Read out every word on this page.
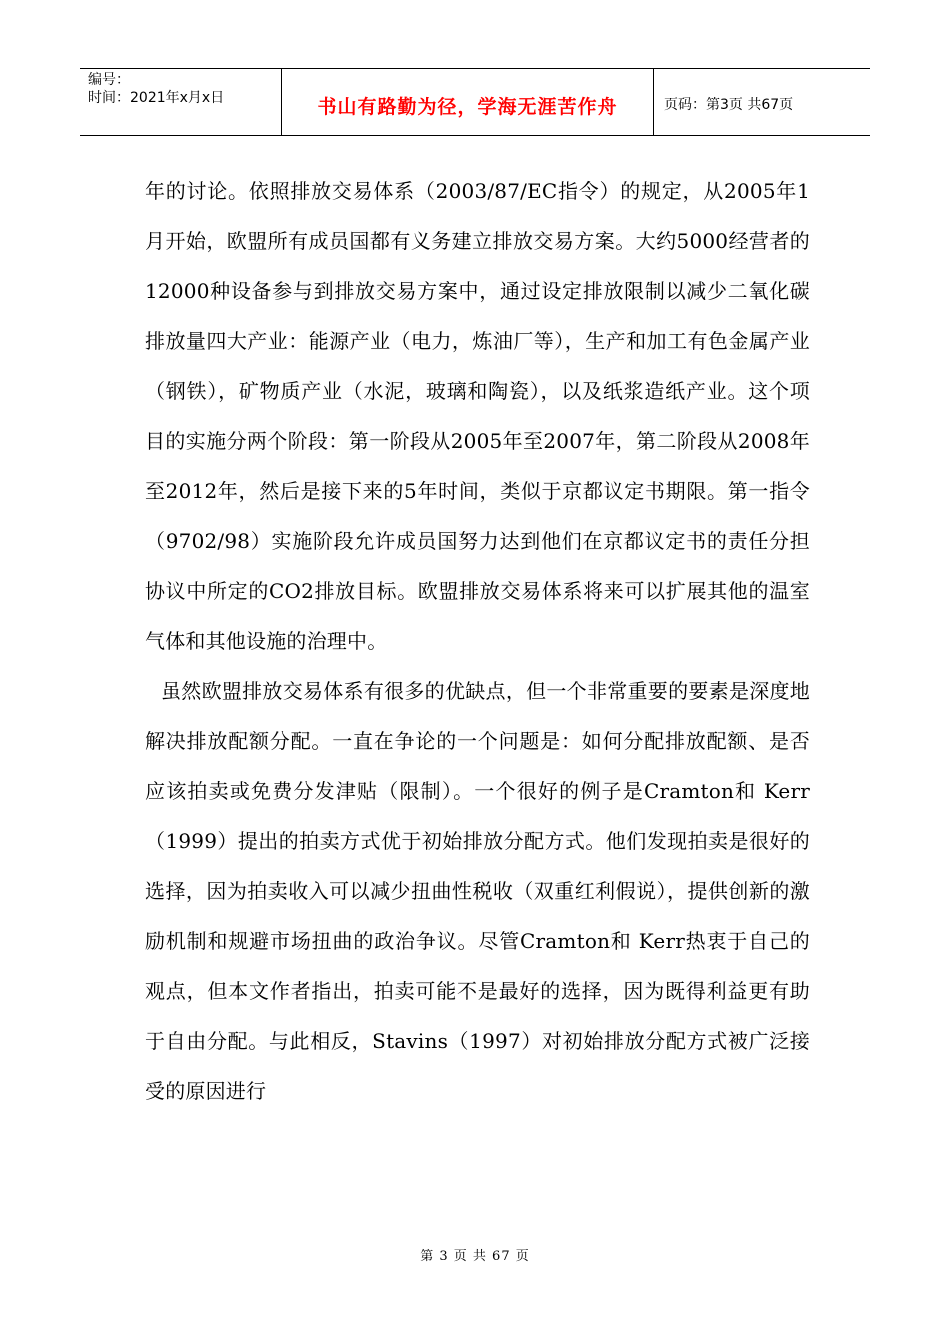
编号：
时间：2021年x月x日	书山有路勤为径，学海无涯苦作舟	页码：第3页 共67页

年的讨论。依照排放交易体系（2003/87/EC指令）的规定，从2005年1月开始，欧盟所有成员国都有义务建立排放交易方案。大约5000经营者的12000种设备参与到排放交易方案中，通过设定排放限制以减少二氧化碳排放量四大产业：能源产业（电力，炼油厂等），生产和加工有色金属产业（钢铁），矿物质产业（水泥，玻璃和陶瓷），以及纸浆造纸产业。这个项目的实施分两个阶段：第一阶段从2005年至2007年，第二阶段从2008年至2012年，然后是接下来的5年时间，类似于京都议定书期限。第一指令（9702/98）实施阶段允许成员国努力达到他们在京都议定书的责任分担协议中所定的CO2排放目标。欧盟排放交易体系将来可以扩展其他的温室气体和其他设施的治理中。

虽然欧盟排放交易体系有很多的优缺点，但一个非常重要的要素是深度地解决排放配额分配。一直在争论的一个问题是：如何分配排放配额、是否应该拍卖或免费分发津贴（限制）。一个很好的例子是Cramton和 Kerr（1999）提出的拍卖方式优于初始排放分配方式。他们发现拍卖是很好的选择，因为拍卖收入可以减少扭曲性税收（双重红利假说），提供创新的激励机制和规避市场扭曲的政治争议。尽管Cramton和 Kerr热衷于自己的观点，但本文作者指出，拍卖可能不是最好的选择，因为既得利益更有助于自由分配。与此相反，Stavins（1997）对初始排放分配方式被广泛接受的原因进行

第 3 页 共 67 页
